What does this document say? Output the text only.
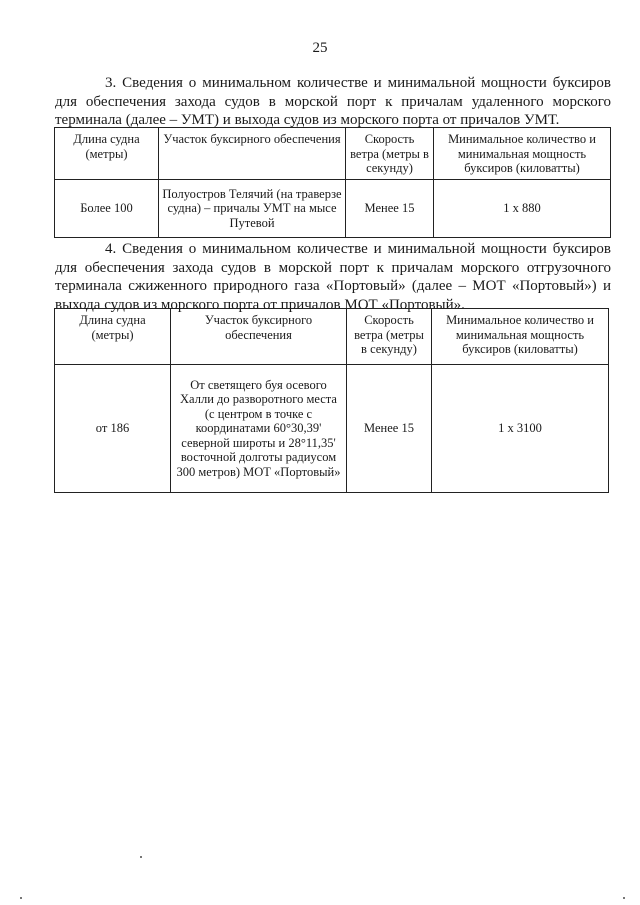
25

3. Сведения о минимальном количестве и минимальной мощности буксиров для обеспечения захода судов в морской порт к причалам удаленного морского терминала (далее – УМТ) и выхода судов из морского порта от причалов УМТ.

Длина судна (метры)	Участок буксирного обеспечения	Скорость ветра (метры в секунду)	Минимальное количество и минимальная мощность буксиров (киловатты)
Более 100	Полуостров Телячий (на траверзе судна) – причалы УМТ на мысе Путевой	Менее 15	1 х 880

4. Сведения о минимальном количестве и минимальной мощности буксиров для обеспечения захода судов в морской порт к причалам морского отгрузочного терминала сжиженного природного газа «Портовый» (далее – МОТ «Портовый») и выхода судов из морского порта от причалов МОТ «Портовый».

Длина судна (метры)	Участок буксирного обеспечения	Скорость ветра (метры в секунду)	Минимальное количество и минимальная мощность буксиров (киловатты)
от 186	От светящего буя осевого Халли до разворотного места (с центром в точке с координатами 60°30,39' северной широты и 28°11,35' восточной долготы радиусом 300 метров) МОТ «Портовый»	Менее 15	1 х 3100
